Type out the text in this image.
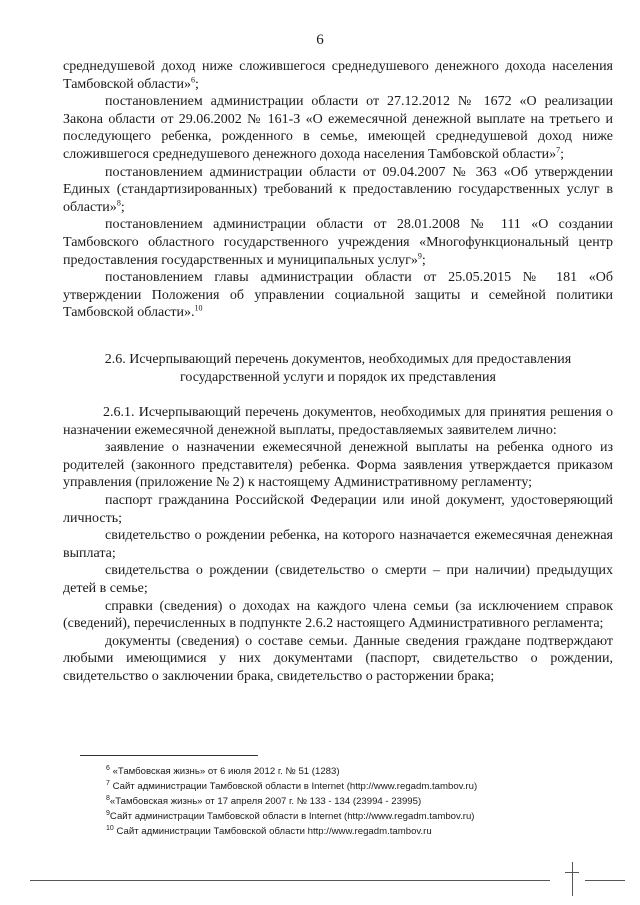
6

среднедушевой доход ниже сложившегося среднедушевого денежного дохода населения Тамбовской области»$^6$;

постановлением администрации области от 27.12.2012 № 1672 «О реализации Закона области от 29.06.2002 № 161-З «О ежемесячной денежной выплате на третьего и последующего ребенка, рожденного в семье, имеющей среднедушевой доход ниже сложившегося среднедушевого денежного дохода населения Тамбовской области»$^7$;

постановлением администрации области от 09.04.2007 № 363 «Об утверждении Единых (стандартизированных) требований к предоставлению государственных услуг в области»$^8$;

постановлением администрации области от 28.01.2008 № 111 «О создании Тамбовского областного государственного учреждения «Многофункциональный центр предоставления государственных и муниципальных услуг»$^9$;

постановлением главы администрации области от 25.05.2015 № 181 «Об утверждении Положения об управлении социальной защиты и семейной политики Тамбовской области».$^{10}$

2.6. Исчерпывающий перечень документов, необходимых для предоставления
государственной услуги и порядок их представления

2.6.1. Исчерпывающий перечень документов, необходимых для принятия решения о назначении ежемесячной денежной выплаты, предоставляемых заявителем лично:

заявление о назначении ежемесячной денежной выплаты на ребенка одного из родителей (законного представителя) ребенка. Форма заявления утверждается приказом управления (приложение № 2) к настоящему Административному регламенту;

паспорт гражданина Российской Федерации или иной документ, удостоверяющий личность;

свидетельство о рождении ребенка, на которого назначается ежемесячная денежная выплата;

свидетельства о рождении (свидетельство о смерти – при наличии) предыдущих детей в семье;

справки (сведения) о доходах на каждого члена семьи (за исключением справок (сведений), перечисленных в подпункте 2.6.2 настоящего Административного регламента;

документы (сведения) о составе семьи. Данные сведения граждане подтверждают любыми имеющимися у них документами (паспорт, свидетельство о рождении, свидетельство о заключении брака, свидетельство о расторжении брака;

$^6$ «Тамбовская жизнь» от 6 июля 2012 г. № 51 (1283)
$^7$ Сайт администрации Тамбовской области в Internet (http://www.regadm.tambov.ru)
$^8$«Тамбовская жизнь» от 17 апреля 2007 г. № 133 - 134 (23994 - 23995)
$^9$Сайт администрации Тамбовской области в Internet (http://www.regadm.tambov.ru)
$^{10}$ Сайт администрации Тамбовской области http://www.regadm.tambov.ru
